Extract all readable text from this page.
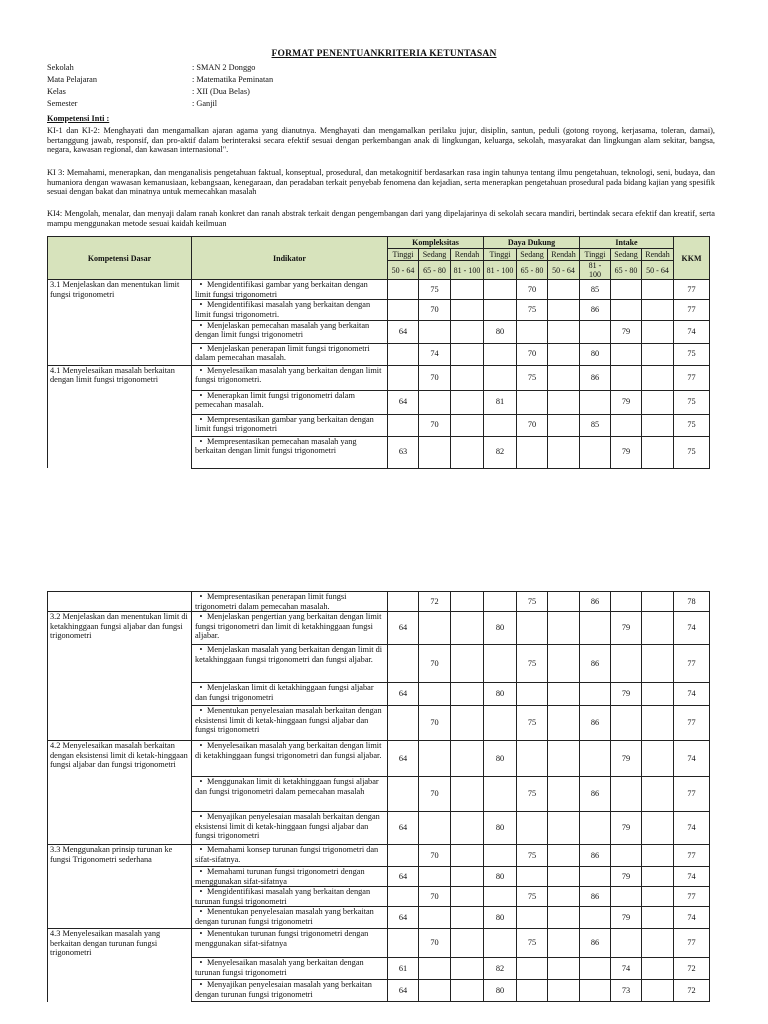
FORMAT PENENTUANKRITERIA KETUNTASAN
Sekolah	: SMAN 2 Donggo
Mata Pelajaran	: Matematika Peminatan
Kelas	: XII (Dua Belas)
Semester	: Ganjil
Kompetensi Inti :
KI-1 dan KI-2: Menghayati dan mengamalkan ajaran agama yang dianutnya. Menghayati dan mengamalkan perilaku jujur, disiplin, santun, peduli (gotong royong, kerjasama, toleran, damai), bertanggung jawab, responsif, dan pro-aktif dalam berinteraksi secara efektif sesuai dengan perkembangan anak di lingkungan, keluarga, sekolah, masyarakat dan lingkungan alam sekitar, bangsa, negara, kawasan regional, dan kawasan internasional".
KI 3: Memahami, menerapkan, dan menganalisis pengetahuan faktual, konseptual, prosedural, dan metakognitif berdasarkan rasa ingin tahunya tentang ilmu pengetahuan, teknologi, seni, budaya, dan humaniora dengan wawasan kemanusiaan, kebangsaan, kenegaraan, dan peradaban terkait penyebab fenomena dan kejadian, serta menerapkan pengetahuan prosedural pada bidang kajian yang spesifik sesuai dengan bakat dan minatnya untuk memecahkan masalah
KI4: Mengolah, menalar, dan menyaji dalam ranah konkret dan ranah abstrak terkait dengan pengembangan dari yang dipelajarinya di sekolah secara mandiri, bertindak secara efektif dan kreatif, serta mampu menggunakan metode sesuai kaidah keilmuan
Kompetensi Dasar	Indikator	Kompleksitas			Daya Dukung			Intake			KKM
		Tinggi	Sedang	Rendah	Tinggi	Sedang	Rendah	Tinggi	Sedang	Rendah	
		50 - 64	65 - 80	81 - 100	81 - 100	65 - 80	50 - 64	81 - 100	65 - 80	50 - 64	
3.1 Menjelaskan dan menentukan limit fungsi trigonometri	• Mengidentifikasi gambar yang berkaitan dengan limit fungsi trigonometri		75			70		85			77
	• Mengidentifikasi masalah yang berkaitan dengan limit fungsi trigonometri.		70			75		86			77
	• Menjelaskan pemecahan masalah yang berkaitan dengan limit fungsi trigonometri	64			80				79		74
	• Menjelaskan penerapan limit fungsi trigonometri dalam pemecahan masalah.		74			70		80			75
4.1 Menyelesaikan masalah berkaitan dengan limit fungsi trigonometri	• Menyelesaikan masalah yang berkaitan dengan limit fungsi trigonometri.		70			75		86			77
	• Menerapkan limit fungsi trigonometri dalam pemecahan masalah.	64			81				79		75
	• Mempresentasikan gambar yang berkaitan dengan limit fungsi trigonometri		70			70		85			75
	• Mempresentasikan pemecahan masalah yang berkaitan dengan limit fungsi trigonometri	63			82				79		75
	• Mempresentasikan penerapan limit fungsi trigonometri dalam pemecahan masalah.		72			75		86			78
3.2 Menjelaskan dan menentukan limit di ketakhinggaan fungsi aljabar dan fungsi trigonometri	• Menjelaskan pengertian yang berkaitan dengan limit fungsi trigonometri dan limit di ketakhinggaan fungsi aljabar.	64			80				79		74
	• Menjelaskan masalah yang berkaitan dengan limit di ketakhinggaan fungsi trigonometri dan fungsi aljabar.		70			75		86			77
	• Menjelaskan limit di ketakhinggaan fungsi aljabar dan fungsi trigonometri	64			80				79		74
	• Menentukan penyelesaian masalah berkaitan dengan eksistensi limit di ketak-hinggaan fungsi aljabar dan fungsi trigonometri		70			75		86			77
4.2 Menyelesaikan masalah berkaitan dengan eksistensi limit di ketak-hinggaan fungsi aljabar dan fungsi trigonometri	• Menyelesaikan masalah yang berkaitan dengan limit di ketakhinggaan fungsi trigonometri dan fungsi aljabar.	64			80				79		74
	• Menggunakan limit di ketakhinggaan fungsi aljabar dan fungsi trigonometri dalam pemecahan masalah		70			75		86			77
	• Menyajikan penyelesaian masalah berkaitan dengan eksistensi limit di ketak-hinggaan fungsi aljabar dan fungsi trigonometri	64			80				79		74
3.3 Menggunakan prinsip turunan ke fungsi Trigonometri sederhana	• Memahami konsep turunan fungsi trigonometri dan sifat-sifatnya.		70			75		86			77
	• Memahami turunan fungsi trigonometri dengan menggunakan sifat-sifatnya	64			80				79		74
	• Mengidentifikasi masalah yang berkaitan dengan turunan fungsi trigonometri		70			75		86			77
	• Menentukan penyelesaian masalah yang berkaitan dengan turunan fungsi trigonometri	64			80				79		74
4.3 Menyelesaikan masalah yang berkaitan dengan turunan fungsi trigonometri	• Menentukan turunan fungsi trigonometri dengan menggunakan sifat-sifatnya		70			75		86			77
	• Menyelesaikan masalah yang berkaitan dengan turunan fungsi trigonometri	61			82				74		72
	• Menyajikan penyelesaian masalah yang berkaitan dengan turunan fungsi trigonometri	64			80				73		72
